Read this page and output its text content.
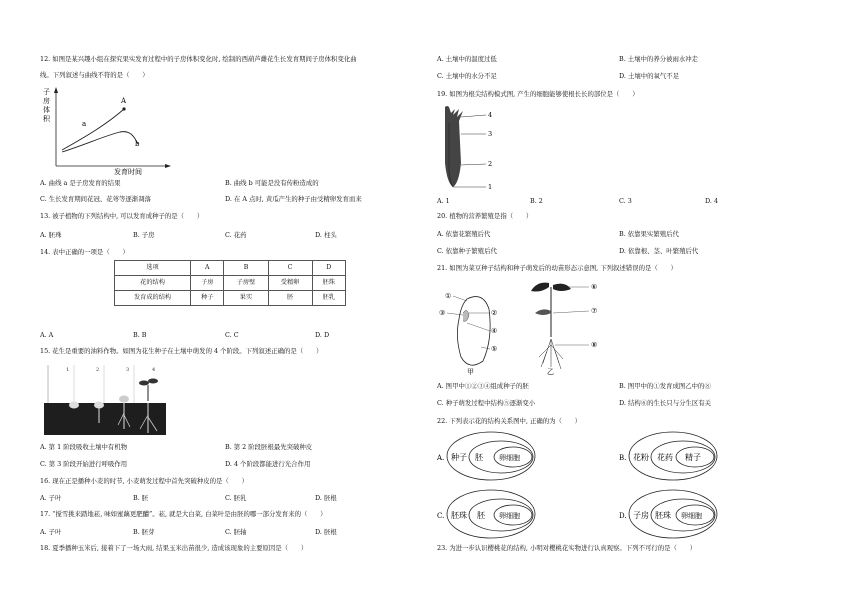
12. 如图是某兴趣小组在探究果实发育过程中的子房体积变化时, 绘制的西葫芦雌花生长发育期间子房体积变化曲
线。下列叙述与曲线不符的是（　　）
子
房
体
积
A
a
b
发育时间
A. 曲线 a 是子房发育的结果	B. 曲线 b 可能是没有传粉造成的
C. 生长发育期间花冠、花萼等逐渐凋落	D. 在 A 点时, 黄瓜产生的种子由受精卵发育而来
13. 被子植物的下列结构中, 可以发育成种子的是（　　）
A. 胚珠	B. 子房	C. 花药	D. 柱头
14. 表中正确的一项是（　　）
选项	A	B	C	D
花的结构	子房	子房壁	受精卵	胚珠
发育成的结构	种子	果实	胚	胚乳
A. A	B. B	C. C	D. D
15. 花生是重要的油料作物。如图为花生种子在土壤中萌发的 4 个阶段。下列叙述正确的是（　　）
1	2	3	4
A. 第 1 阶段吸收土壤中有机物	B. 第 2 阶段胚根最先突破种皮
C. 第 3 阶段开始进行呼吸作用	D. 4 个阶段都能进行光合作用
16. 现在正是播种小麦的时节, 小麦萌发过程中首先突破种皮的是（　　）
A. 子叶	B. 胚	C. 胚乳	D. 胚根
17. “搅雪挑来踏地菘, 味如蜜藕更肥醲”。菘, 就是大白菜, 白菜叶是由胚的哪一部分发育来的（　　）
A. 子叶	B. 胚芽	C. 胚轴	D. 胚根
18. 夏季播种玉米后, 接着下了一场大雨, 结果玉米出苗很少, 造成该现象的主要原因是（　　）
A. 土壤中的温度过低	B. 土壤中的养分被雨水冲走
C. 土壤中的水分不足	D. 土壤中的氧气不足
19. 如图为根尖结构模式图, 产生的细胞能够使根长长的部位是（　　）
4
3
2
1
A. 1	B. 2	C. 3	D. 4
20. 植物的营养繁殖是指（　　）
A. 依靠花繁殖后代	B. 依靠果实繁殖后代
C. 依靠种子繁殖后代	D. 依靠根、茎、叶繁殖后代
21. 如图为菜豆种子结构和种子萌发后的幼苗形态示意图, 下列叙述错误的是（　　）
①
③	②
④
⑤
甲
⑥
⑦
⑧
乙
A. 图甲中①②③④组成种子的胚	B. 图甲中的①发育成图乙中的⑧
C. 种子萌发过程中结构⑤逐渐变小	D. 结构⑥的生长只与分生区有关
22. 下列表示花的结构关系图中, 正确的为（　　）
A. 种子 胚 卵细胞	B. 花粉 花药 精子
C. 胚珠 胚 卵细胞	D. 子房 胚珠 卵细胞
23. 为进一步认识樱桃花的结构, 小明对樱桃花实物进行认真观察。下列不可行的是（　　）
